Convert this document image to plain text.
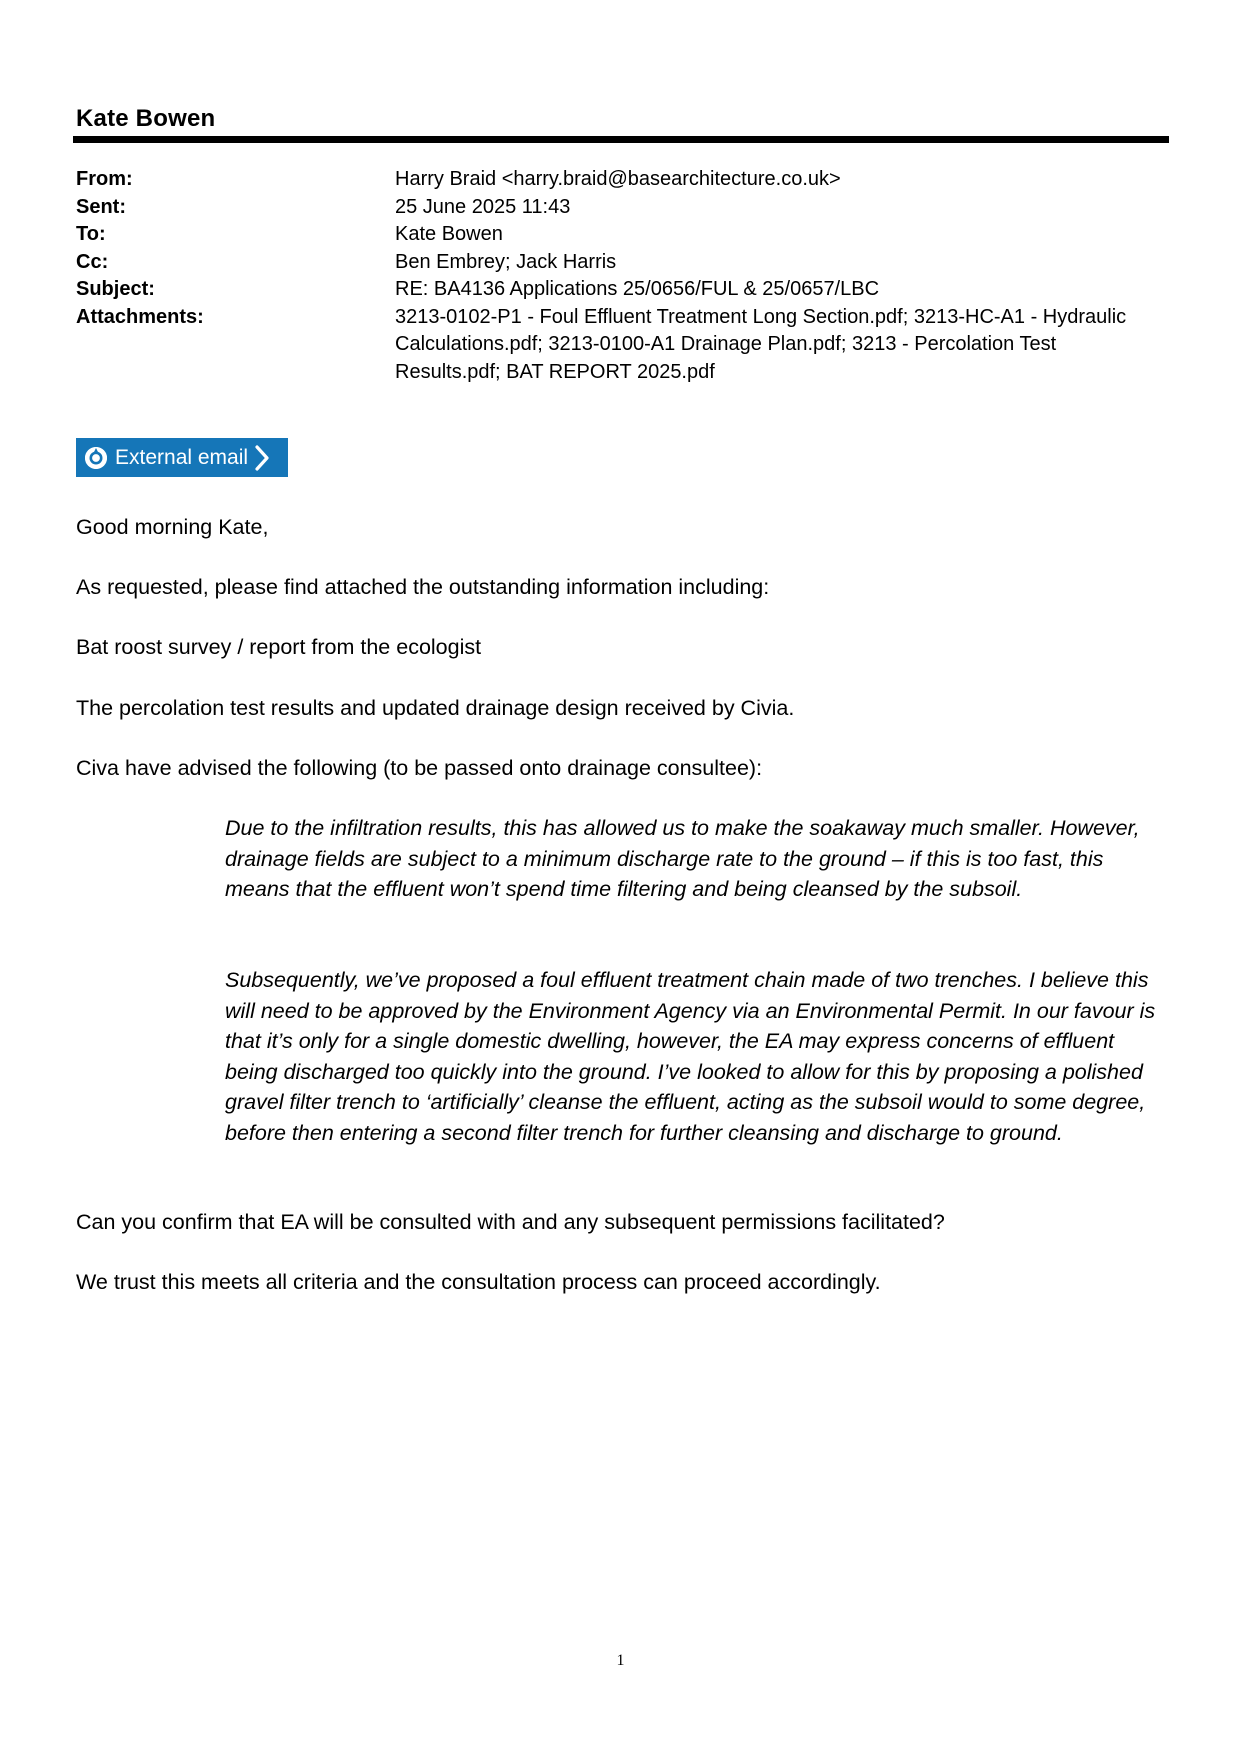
Kate Bowen
From:	Harry Braid <harry.braid@basearchitecture.co.uk>
Sent:	25 June 2025 11:43
To:	Kate Bowen
Cc:	Ben Embrey; Jack Harris
Subject:	RE: BA4136 Applications 25/0656/FUL & 25/0657/LBC
Attachments:	3213-0102-P1 - Foul Effluent Treatment Long Section.pdf; 3213-HC-A1 - Hydraulic Calculations.pdf; 3213-0100-A1 Drainage Plan.pdf; 3213 - Percolation Test Results.pdf; BAT REPORT 2025.pdf
External email

Good morning Kate,

As requested, please find attached the outstanding information including:

Bat roost survey / report from the ecologist

The percolation test results and updated drainage design received by Civia.

Civa have advised the following (to be passed onto drainage consultee):

Due to the infiltration results, this has allowed us to make the soakaway much smaller. However, drainage fields are subject to a minimum discharge rate to the ground – if this is too fast, this means that the effluent won’t spend time filtering and being cleansed by the subsoil.

Subsequently, we’ve proposed a foul effluent treatment chain made of two trenches. I believe this will need to be approved by the Environment Agency via an Environmental Permit. In our favour is that it’s only for a single domestic dwelling, however, the EA may express concerns of effluent being discharged too quickly into the ground. I’ve looked to allow for this by proposing a polished gravel filter trench to ‘artificially’ cleanse the effluent, acting as the subsoil would to some degree, before then entering a second filter trench for further cleansing and discharge to ground.

Can you confirm that EA will be consulted with and any subsequent permissions facilitated?

We trust this meets all criteria and the consultation process can proceed accordingly.

1
